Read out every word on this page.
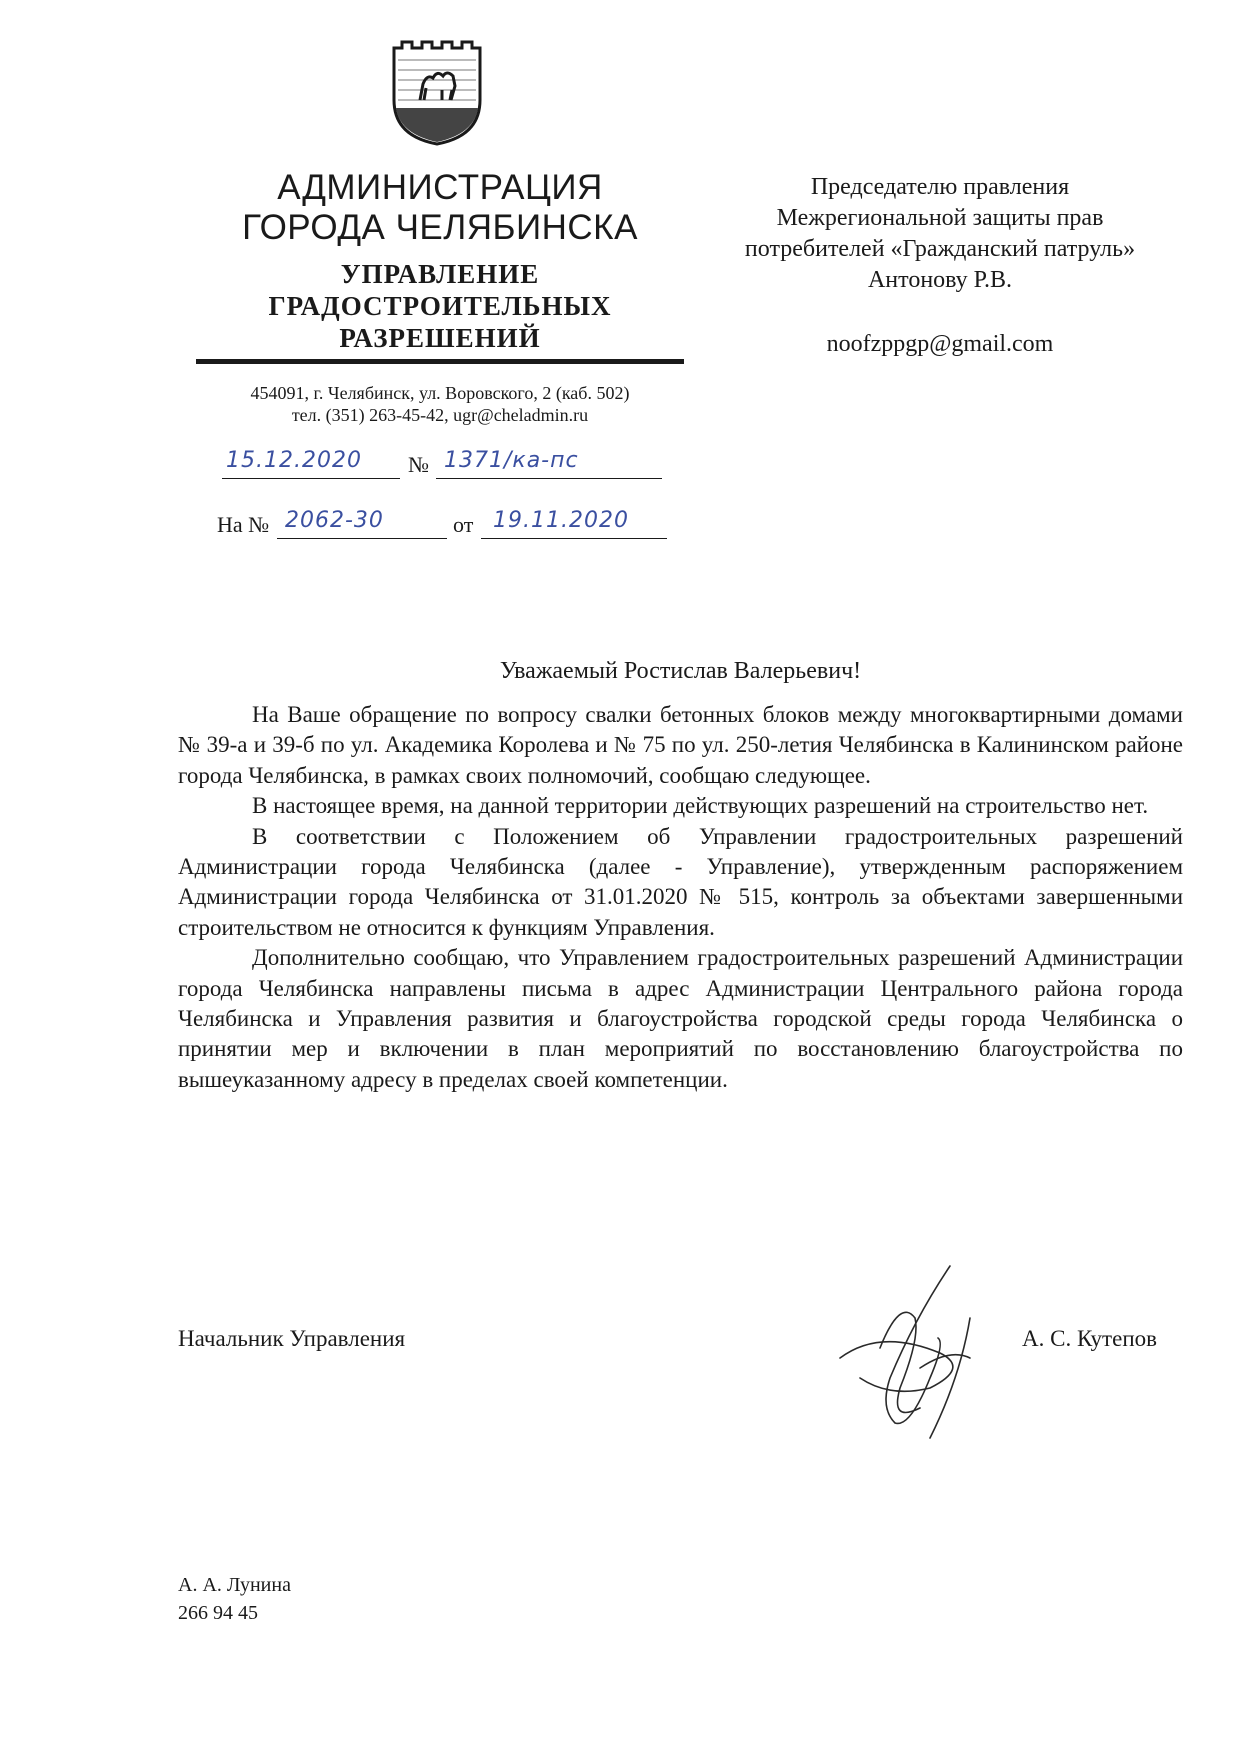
АДМИНИСТРАЦИЯ
ГОРОДА ЧЕЛЯБИНСКА
УПРАВЛЕНИЕ
ГРАДОСТРОИТЕЛЬНЫХ
РАЗРЕШЕНИЙ
454091, г. Челябинск, ул. Воровского, 2 (каб. 502)
тел. (351) 263-45-42, ugr@cheladmin.ru
15.12.2020 № 1371/ка-пс
На № 2062-30	от 19.11.2020
Председателю правления
Межрегиональной защиты прав
потребителей «Гражданский патруль»
Антонову Р.В.
noofzppgp@gmail.com
Уважаемый Ростислав Валерьевич!

На Ваше обращение по вопросу свалки бетонных блоков между многоквартирными домами № 39-а и 39-б по ул. Академика Королева и № 75 по ул. 250-летия Челябинска в Калининском районе города Челябинска, в рамках своих полномочий, сообщаю следующее.

В настоящее время, на данной территории действующих разрешений на строительство нет.

В соответствии с Положением об Управлении градостроительных разрешений Администрации города Челябинска (далее - Управление), утвержденным распоряжением Администрации города Челябинска от 31.01.2020 № 515, контроль за объектами завершенными строительством не относится к функциям Управления.

Дополнительно сообщаю, что Управлением градостроительных разрешений Администрации города Челябинска направлены письма в адрес Администрации Центрального района города Челябинска и Управления развития и благоустройства городской среды города Челябинска о принятии мер и включении в план мероприятий по восстановлению благоустройства по вышеуказанному адресу в пределах своей компетенции.

Начальник Управления	А. С. Кутепов
А. А. Лунина
266 94 45
